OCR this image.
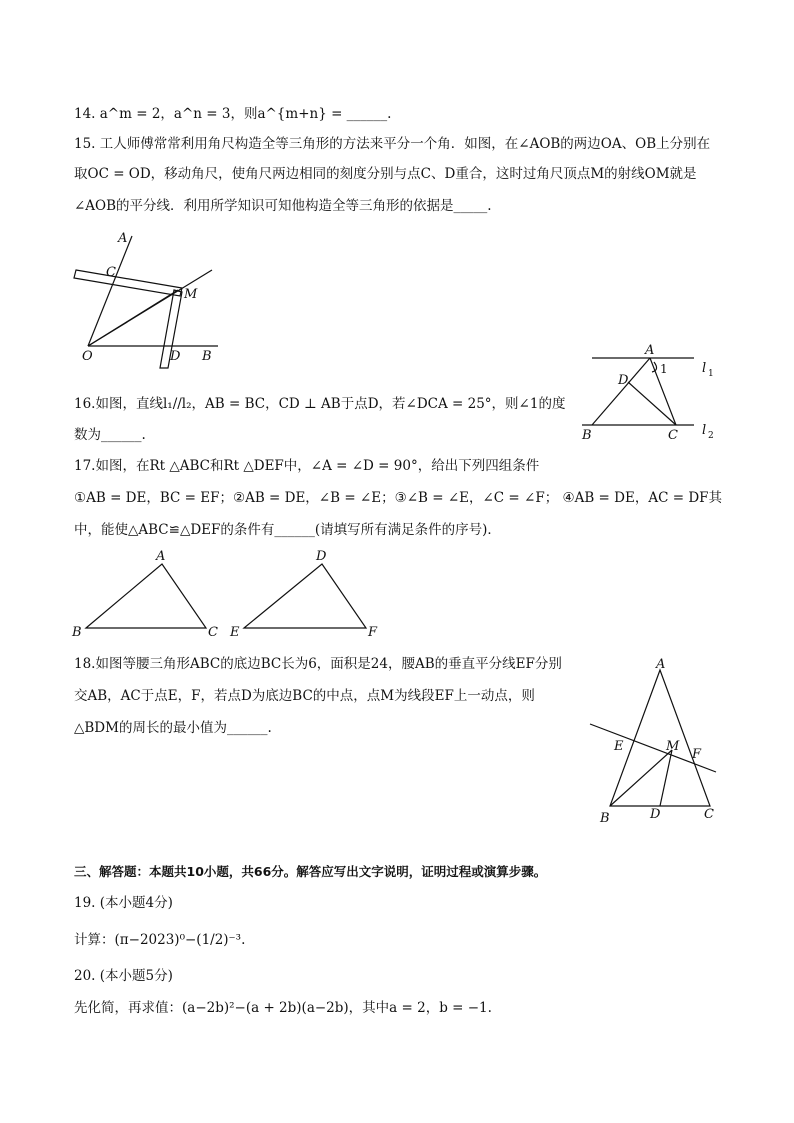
14. a^m = 2，a^n = 3，则a^{m+n} = ______.
15. 工人师傅常常利用角尺构造全等三角形的方法来平分一个角．如图，在∠AOB的两边OA、OB上分别在
取OC = OD，移动角尺，使角尺两边相同的刻度分别与点C、D重合，这时过角尺顶点M的射线OM就是
∠AOB的平分线．利用所学知识可知他构造全等三角形的依据是_____.
A
C
M
O	D B	A
D
1
B	C
l 1
l 2
16.如图，直线l₁//l₂，AB = BC，CD ⊥ AB于点D，若∠DCA = 25°，则∠1的度
数为______.
17.如图，在Rt △ABC和Rt △DEF中，∠A = ∠D = 90°，给出下列四组条件
①AB = DE，BC = EF；②AB = DE，∠B = ∠E；③∠B = ∠E，∠C = ∠F； ④AB = DE，AC = DF其
中，能使△ABC≌△DEF的条件有______(请填写所有满足条件的序号)．
A
B	C
D
E	F
18.如图等腰三角形ABC的底边BC长为6，面积是24，腰AB的垂直平分线EF分别
交AB，AC于点E，F，若点D为底边BC的中点，点M为线段EF上一动点，则
△BDM的周长的最小值为______.
A
E	M
F
B	D	C
三、解答题：本题共10小题，共66分。解答应写出文字说明，证明过程或演算步骤。
19. (本小题4分)
计算：(π−2023)⁰−(1/2)⁻³.
20. (本小题5分)
先化简，再求值：(a−2b)²−(a + 2b)(a−2b)，其中a = 2，b = −1.
